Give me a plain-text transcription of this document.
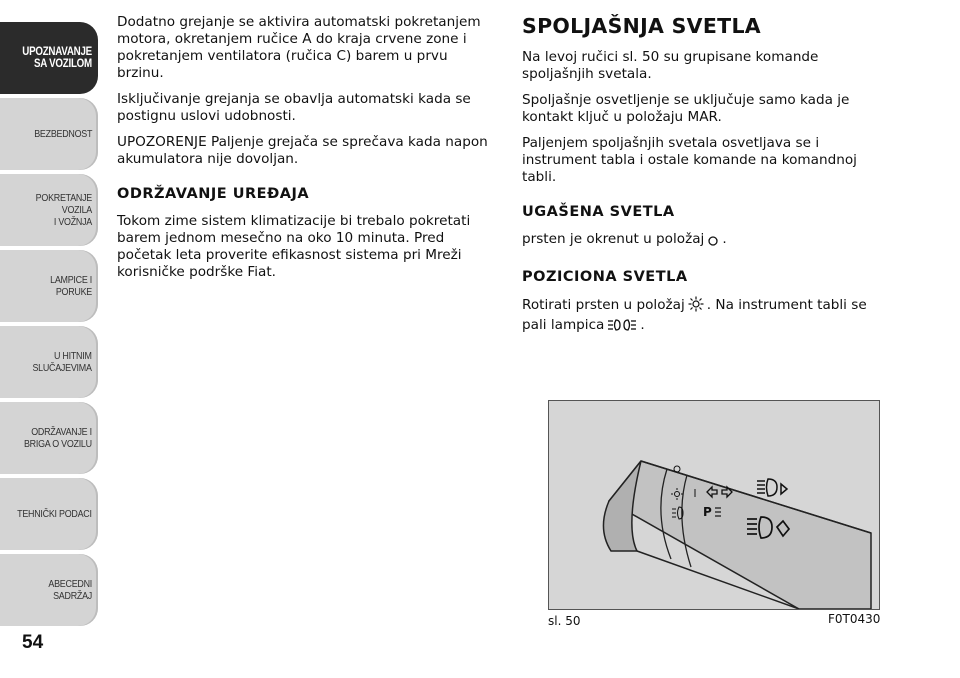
UPOZNAVANJE
SA VOZILOM
BEZBEDNOST
POKRETANJE VOZILA
I VOŽNJA
LAMPICE I PORUKE
U HITNIM
SLUČAJEVIMA
ODRŽAVANJE I
BRIGA O VOZILU
TEHNIČKI PODACI
ABECEDNI SADRŽAJ
54

Dodatno grejanje se aktivira automatski pokretanjem motora, okretanjem ručice A do kraja crvene zone i pokretanjem ventilatora (ručica C) barem u prvu brzinu.

Isključivanje grejanja se obavlja automatski kada se postignu uslovi udobnosti.

UPOZORENJE Paljenje grejača se sprečava kada napon akumulatora nije dovoljan.

ODRŽAVANJE UREĐAJA

Tokom zime sistem klimatizacije bi trebalo pokretati barem jednom mesečno na oko 10 minuta. Pred početak leta proverite efikasnost sistema pri Mreži korisničke podrške Fiat.

SPOLJAŠNJA SVETLA

Na levoj ručici sl. 50 su grupisane komande spoljašnjih svetala.

Spoljašnje osvetljenje se uključuje samo kada je kontakt ključ u položaju MAR.

Paljenjem spoljašnjih svetala osvetljava se i instrument tabla i ostale komande na komandnoj tabli.

UGAŠENA SVETLA

prsten je okrenut u položaj .

POZICIONA SVETLA

Rotirati prsten u položaj . Na instrument tabli se pali lampica	.

P
sl. 50	F0T0430
